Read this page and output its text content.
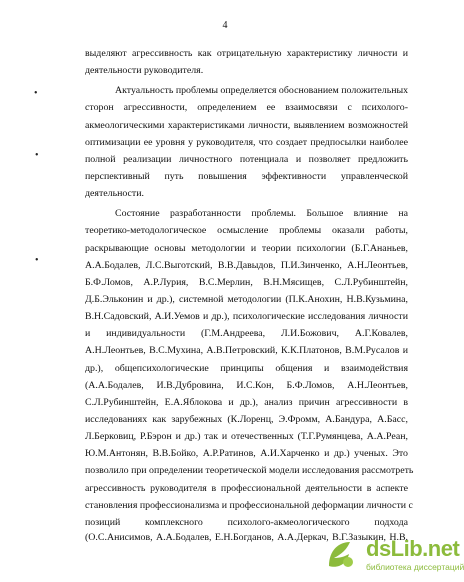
4
•
•
•
выделяют агрессивность как отрицательную характеристику личности и
деятельности руководителя.
Актуальность проблемы определяется обоснованием положительных
сторон агрессивности, определением ее взаимосвязи с психолого-
акмеологическими характеристиками личности, выявлением возможностей
оптимизации ее уровня у руководителя, что создает предпосылки наиболее
полной реализации личностного потенциала и позволяет предложить
перспективный путь повышения эффективности управленческой
деятельности.
Состояние разработанности проблемы. Большое влияние на
теоретико-методологическое осмысление проблемы оказали работы,
раскрывающие основы методологии и теории психологии (Б.Г.Ананьев,
А.А.Бодалев, Л.С.Выготский, В.В.Давыдов, П.И.Зинченко, А.Н.Леонтьев,
Б.Ф.Ломов, А.Р.Лурия, В.С.Мерлин, В.Н.Мясищев, С.Л.Рубинштейн,
Д.Б.Эльконин и др.), системной методологии (П.К.Анохин, Н.В.Кузьмина,
В.Н.Садовский, А.И.Уемов и др.), психологические исследования личности
и индивидуальности (Г.М.Андреева, Л.И.Божович, А.Г.Ковалев,
А.Н.Леонтьев, В.С.Мухина, А.В.Петровский, К.К.Платонов, В.М.Русалов и
др.), общепсихологические принципы общения и взаимодействия
(А.А.Бодалев, И.В.Дубровина, И.С.Кон, Б.Ф.Ломов, А.Н.Леонтьев,
С.Л.Рубинштейн, Е.А.Яблокова и др.), анализ причин агрессивности в
исследованиях как зарубежных (К.Лоренц, Э.Фромм, А.Бандура, А.Басс,
Л.Берковиц, Р.Бэрон и др.) так и отечественных (Т.Г.Румянцева, А.А.Реан,
Ю.М.Антонян, В.В.Бойко, А.Р.Ратинов, А.И.Харченко и др.) ученых. Это
позволило при определении теоретической модели исследования рассмотреть
агрессивность руководителя в профессиональной деятельности в аспекте
становления профессионализма и профессиональной деформации личности с
позиций комплексного психолого-акмеологического подхода
(О.С.Анисимов, А.А.Бодалев, Е.Н.Богданов, А.А.Деркач, В.Г.Зазыкин, Н.В.
dsLib.net
библиотека диссертаций
